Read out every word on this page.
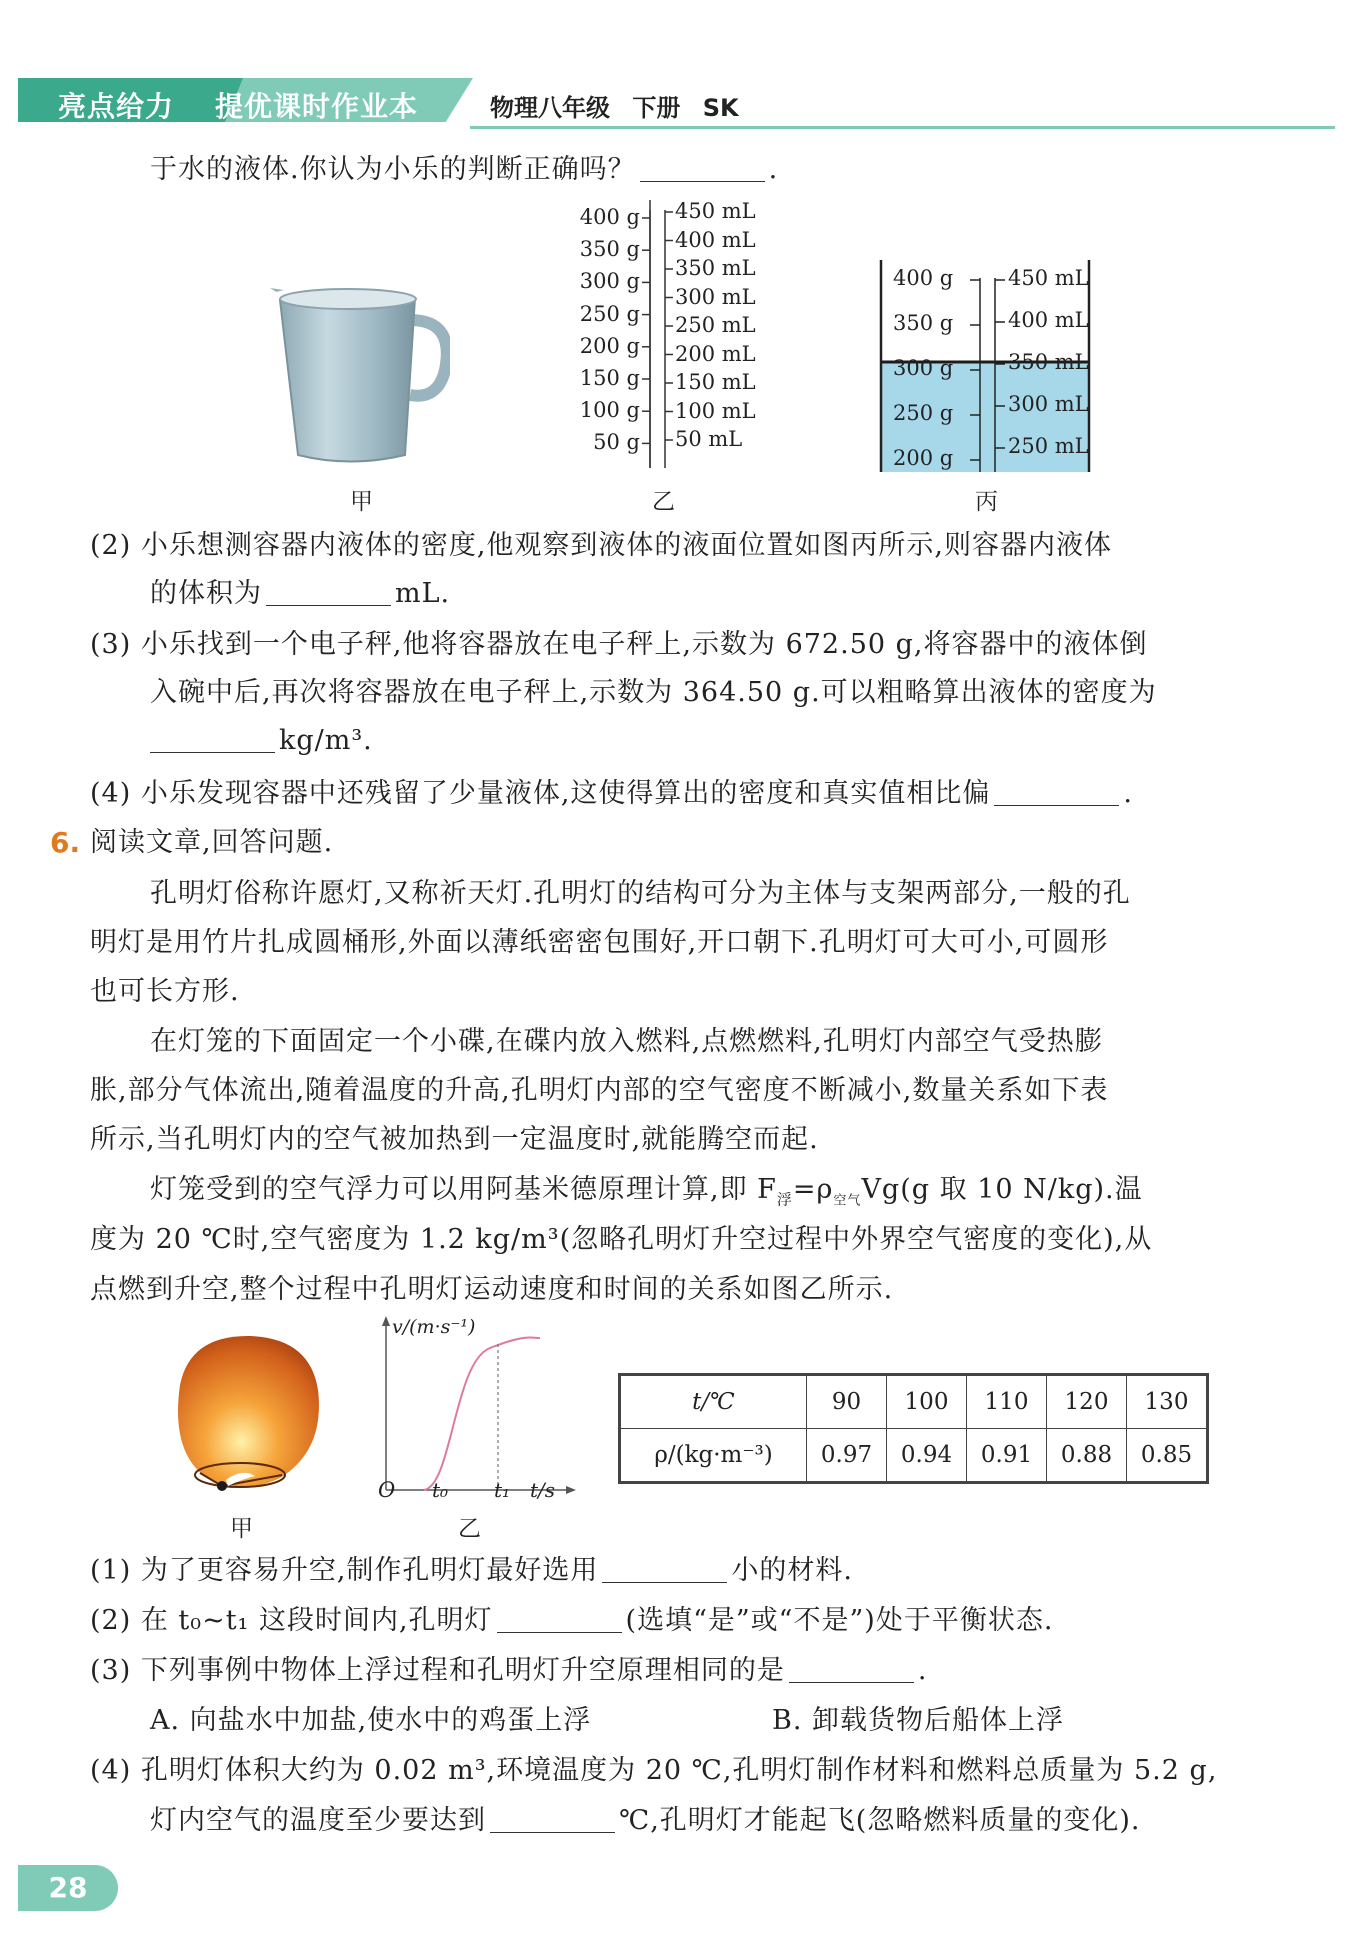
亮点给力 提优课时作业本	物理八年级 下册 SK
于水的液体.你认为小乐的判断正确吗？	.
甲
400 g
350 g
300 g
250 g
200 g
150 g
100 g
50 g
450 mL
400 mL
350 mL
300 mL
250 mL
200 mL
150 mL
100 mL
50 mL
乙
400 g
350 g
300 g
250 g
200 g
450 mL
400 mL
350 mL
300 mL
250 mL
丙
(2) 小乐想测容器内液体的密度,他观察到液体的液面位置如图丙所示,则容器内液体
的体积为	mL.
(3) 小乐找到一个电子秤,他将容器放在电子秤上,示数为 672.50 g,将容器中的液体倒
入碗中后,再次将容器放在电子秤上,示数为 364.50 g.可以粗略算出液体的密度为
kg/m³.
(4) 小乐发现容器中还残留了少量液体,这使得算出的密度和真实值相比偏	.
6. 阅读文章,回答问题.
孔明灯俗称许愿灯,又称祈天灯.孔明灯的结构可分为主体与支架两部分,一般的孔
明灯是用竹片扎成圆桶形,外面以薄纸密密包围好,开口朝下.孔明灯可大可小,可圆形
也可长方形.
在灯笼的下面固定一个小碟,在碟内放入燃料,点燃燃料,孔明灯内部空气受热膨
胀,部分气体流出,随着温度的升高,孔明灯内部的空气密度不断减小,数量关系如下表
所示,当孔明灯内的空气被加热到一定温度时,就能腾空而起.
灯笼受到的空气浮力可以用阿基米德原理计算,即 $F_浮=\rho_{空气}Vg(g$ 取 10 N/kg).温
度为 20 ℃时,空气密度为 1.2 kg/m³(忽略孔明灯升空过程中外界空气密度的变化),从
点燃到升空,整个过程中孔明灯运动速度和时间的关系如图乙所示.
甲
v/(m·s⁻¹)
O t₀ t₁ t/s
乙
t/℃	90	100	110	120	130
ρ/(kg·m⁻³)	0.97	0.94	0.91	0.88	0.85
(1) 为了更容易升空,制作孔明灯最好选用	小的材料.
(2) 在 t₀~t₁ 这段时间内,孔明灯	(选填“是”或“不是”)处于平衡状态.
(3) 下列事例中物体上浮过程和孔明灯升空原理相同的是	.
A. 向盐水中加盐,使水中的鸡蛋上浮	B. 卸载货物后船体上浮
(4) 孔明灯体积大约为 0.02 m³,环境温度为 20 ℃,孔明灯制作材料和燃料总质量为 5.2 g,
灯内空气的温度至少要达到	℃,孔明灯才能起飞(忽略燃料质量的变化).
28
